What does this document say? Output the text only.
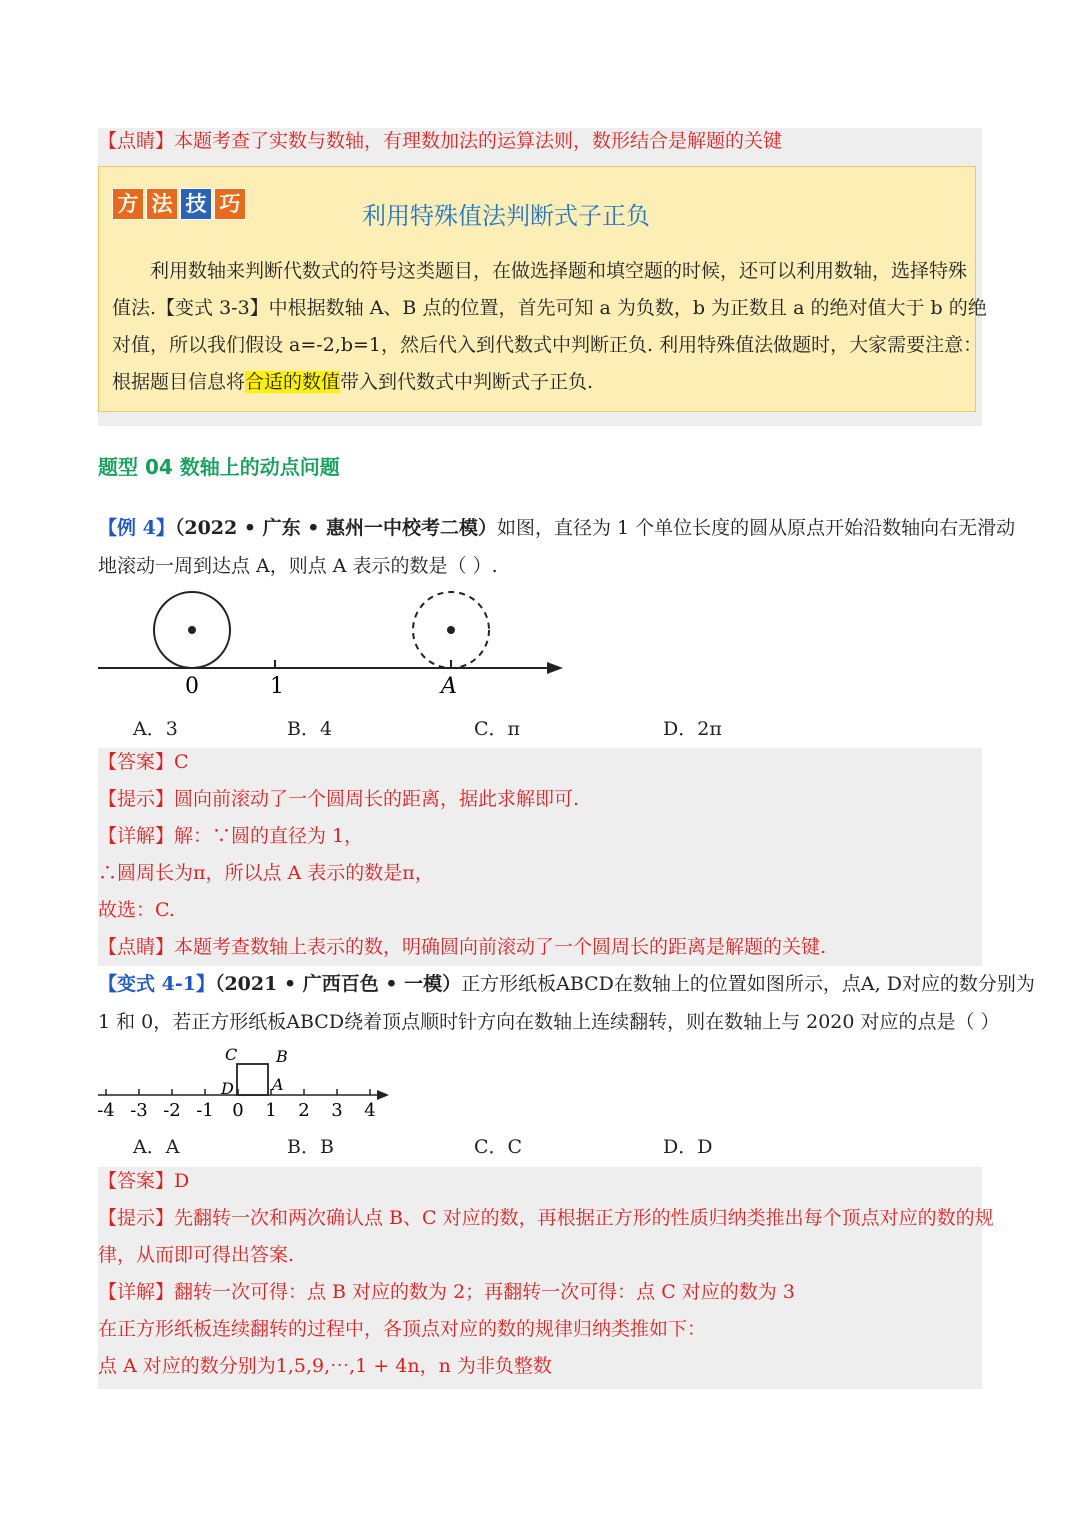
【点睛】本题考查了实数与数轴，有理数加法的运算法则，数形结合是解题的关键
方 法 技 巧	利用特殊值法判断式子正负
利用数轴来判断代数式的符号这类题目，在做选择题和填空题的时候，还可以利用数轴，选择特殊
值法.【变式 3-3】中根据数轴 A、B 点的位置，首先可知 a 为负数，b 为正数且 a 的绝对值大于 b 的绝
对值，所以我们假设 a=-2,b=1，然后代入到代数式中判断正负. 利用特殊值法做题时，大家需要注意：
根据题目信息将合适的数值带入到代数式中判断式子正负.
题型 04 数轴上的动点问题
【例 4】（2022 • 广东 • 惠州一中校考二模）如图，直径为 1 个单位长度的圆从原点开始沿数轴向右无滑动
地滚动一周到达点 A，则点 A 表示的数是（ ）.
0	1	A
A．3	B．4	C．π	D．2π
【答案】C
【提示】圆向前滚动了一个圆周长的距离，据此求解即可.
【详解】解：∵圆的直径为 1，
∴圆周长为π，所以点 A 表示的数是π，
故选：C.
【点睛】本题考查数轴上表示的数，明确圆向前滚动了一个圆周长的距离是解题的关键.
【变式 4-1】（2021 • 广西百色 • 一模）正方形纸板ABCD在数轴上的位置如图所示，点A, D对应的数分别为
1 和 0，若正方形纸板ABCD绕着顶点顺时针方向在数轴上连续翻转，则在数轴上与 2020 对应的点是（ ）
-4 -3 -2 -1 0 1 2 3 4
C B
D A
A．A	B．B	C．C	D．D
【答案】D
【提示】先翻转一次和两次确认点 B、C 对应的数，再根据正方形的性质归纳类推出每个顶点对应的数的规
律，从而即可得出答案.
【详解】翻转一次可得：点 B 对应的数为 2；再翻转一次可得：点 C 对应的数为 3
在正方形纸板连续翻转的过程中，各顶点对应的数的规律归纳类推如下：
点 A 对应的数分别为1,5,9,⋯,1 + 4n，n 为非负整数
